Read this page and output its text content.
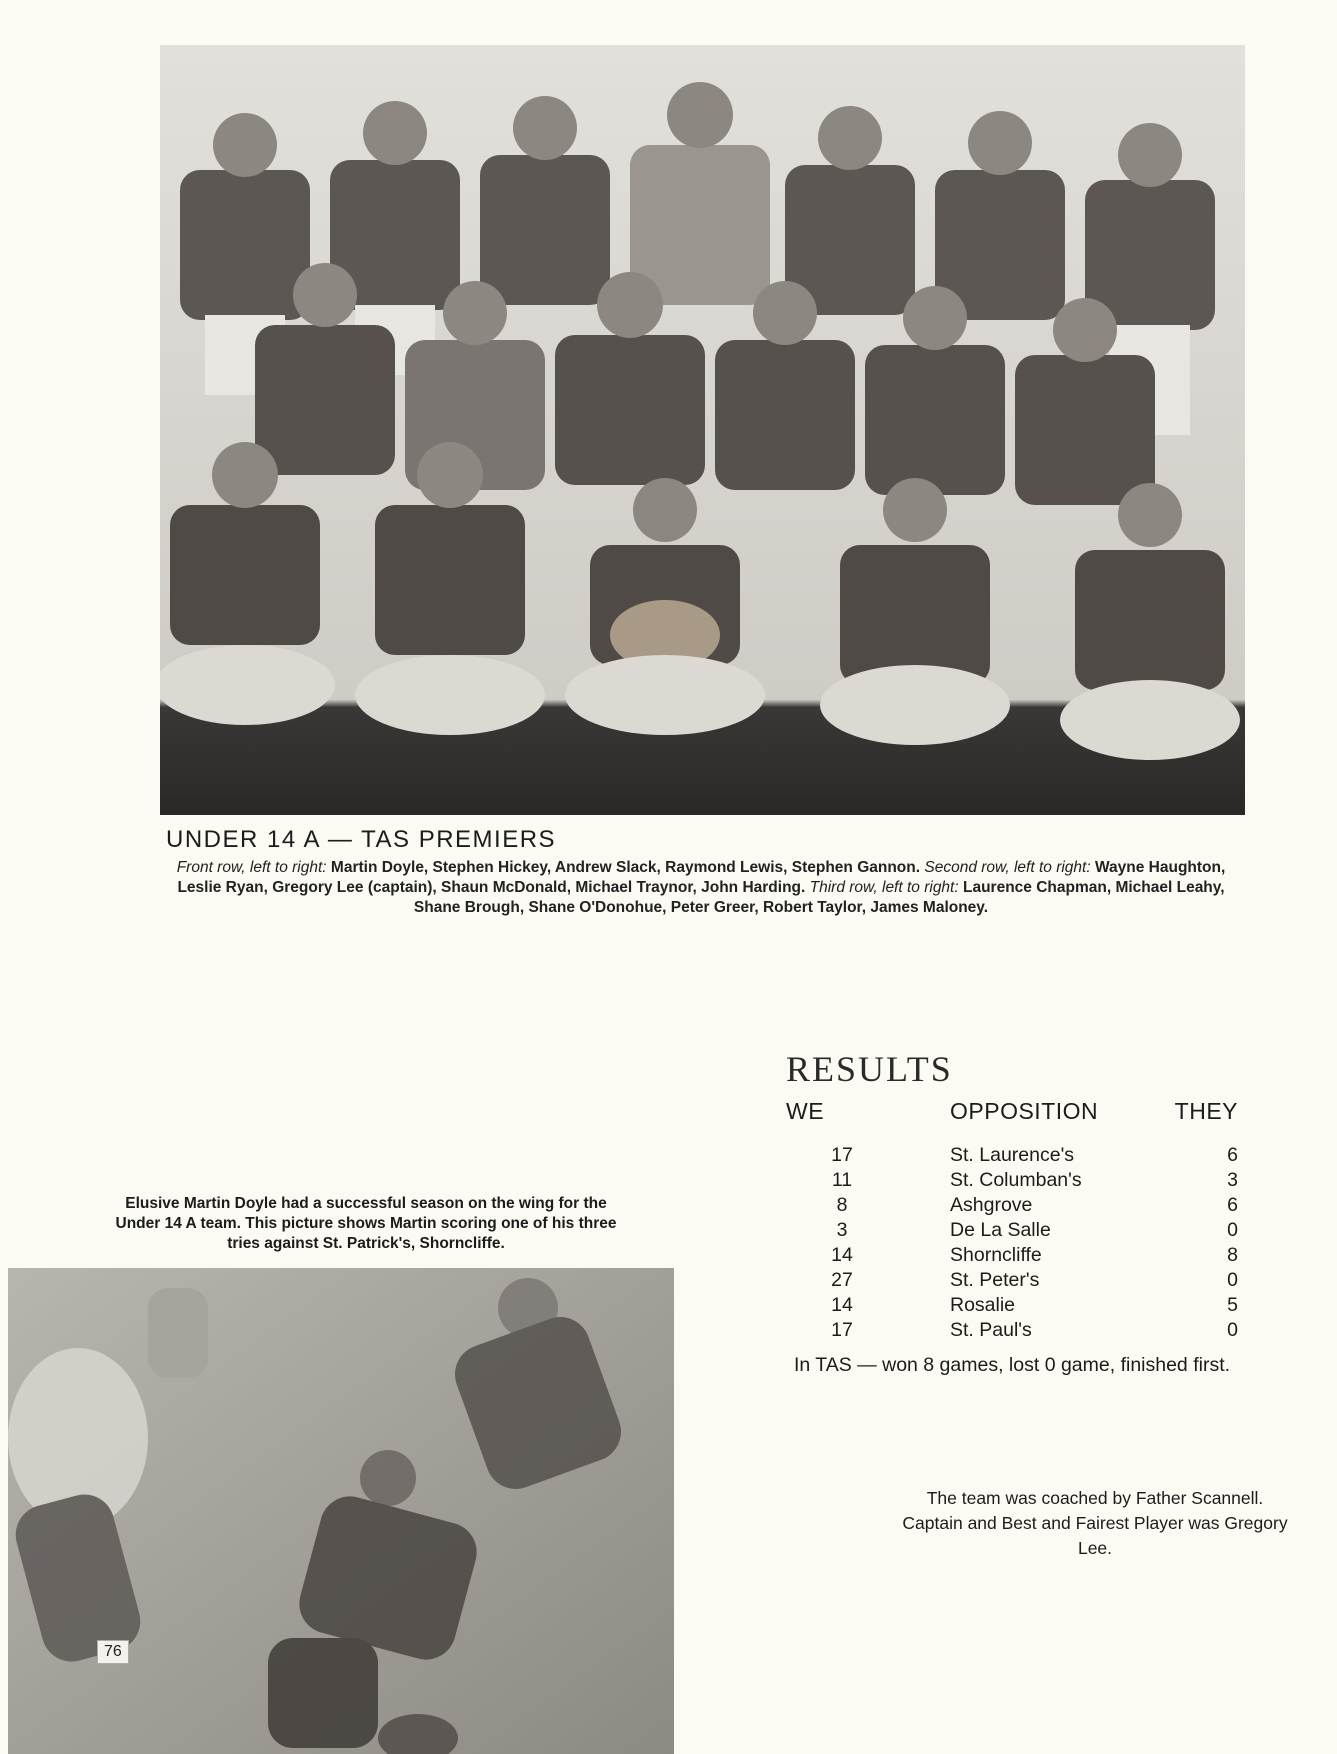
UNDER 14 A — TAS PREMIERS
Front row, left to right: Martin Doyle, Stephen Hickey, Andrew Slack, Raymond Lewis, Stephen Gannon. Second row, left to right: Wayne Haughton, Leslie Ryan, Gregory Lee (captain), Shaun McDonald, Michael Traynor, John Harding. Third row, left to right: Laurence Chapman, Michael Leahy, Shane Brough, Shane O'Donohue, Peter Greer, Robert Taylor, James Maloney.
RESULTS
WE	OPPOSITION	THEY
17	St. Laurence's	6
11	St. Columban's	3
8	Ashgrove	6
3	De La Salle	0
14	Shorncliffe	8
27	St. Peter's	0
14	Rosalie	5
17	St. Paul's	0
In TAS — won 8 games, lost 0 game, finished first.
Elusive Martin Doyle had a successful season on the wing for the Under 14 A team. This picture shows Martin scoring one of his three tries against St. Patrick's, Shorncliffe.
76
The team was coached by Father Scannell. Captain and Best and Fairest Player was Gregory Lee.
